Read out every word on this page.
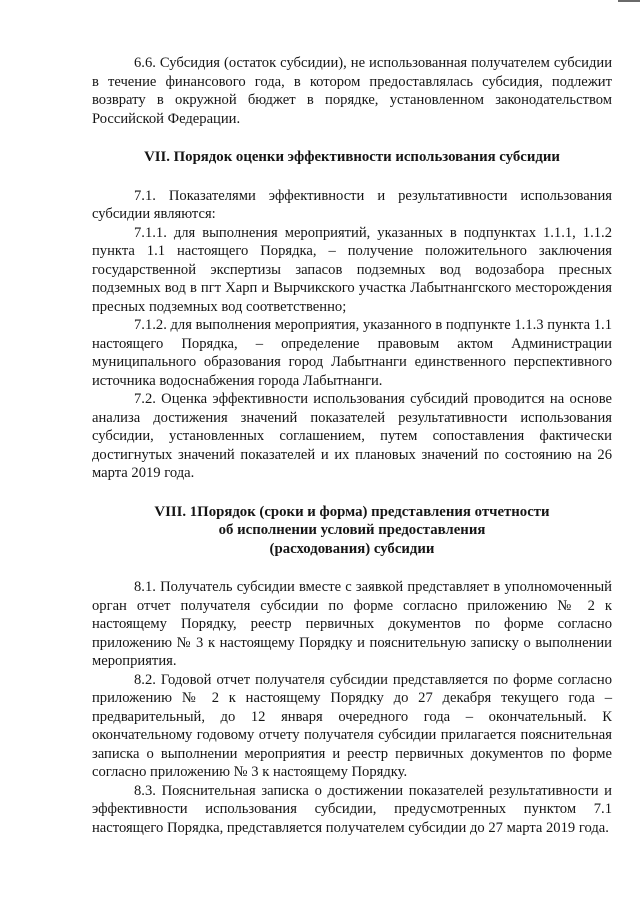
6.6. Субсидия (остаток субсидии), не использованная получателем субсидии в течение финансового года, в котором предоставлялась субсидия, подлежит возврату в окружной бюджет в порядке, установленном законодательством Российской Федерации.

VII. Порядок оценки эффективности использования субсидии

7.1. Показателями эффективности и результативности использования субсидии являются:

7.1.1. для выполнения мероприятий, указанных в подпунктах 1.1.1, 1.1.2 пункта 1.1 настоящего Порядка, – получение положительного заключения государственной экспертизы запасов подземных вод водозабора пресных подземных вод в пгт Харп и Вырчикского участка Лабытнангского месторождения пресных подземных вод соответственно;

7.1.2. для выполнения мероприятия, указанного в подпункте 1.1.3 пункта 1.1 настоящего Порядка, – определение правовым актом Администрации муниципального образования город Лабытнанги единственного перспективного источника водоснабжения города Лабытнанги.

7.2. Оценка эффективности использования субсидий проводится на основе анализа достижения значений показателей результативности использования субсидии, установленных соглашением, путем сопоставления фактически достигнутых значений показателей и их плановых значений по состоянию на 26 марта 2019 года.

VIII. 1Порядок (сроки и форма) представления отчетности

об исполнении условий предоставления

(расходования) субсидии

8.1. Получатель субсидии вместе с заявкой представляет в уполномоченный орган отчет получателя субсидии по форме согласно приложению № 2 к настоящему Порядку, реестр первичных документов по форме согласно приложению № 3 к настоящему Порядку и пояснительную записку о выполнении мероприятия.

8.2. Годовой отчет получателя субсидии представляется по форме согласно приложению № 2 к настоящему Порядку до 27 декабря текущего года – предварительный, до 12 января очередного года – окончательный. К окончательному годовому отчету получателя субсидии прилагается пояснительная записка о выполнении мероприятия и реестр первичных документов по форме согласно приложению № 3 к настоящему Порядку.

8.3. Пояснительная записка о достижении показателей результативности и эффективности использования субсидии, предусмотренных пунктом 7.1 настоящего Порядка, представляется получателем субсидии до 27 марта 2019 года.
